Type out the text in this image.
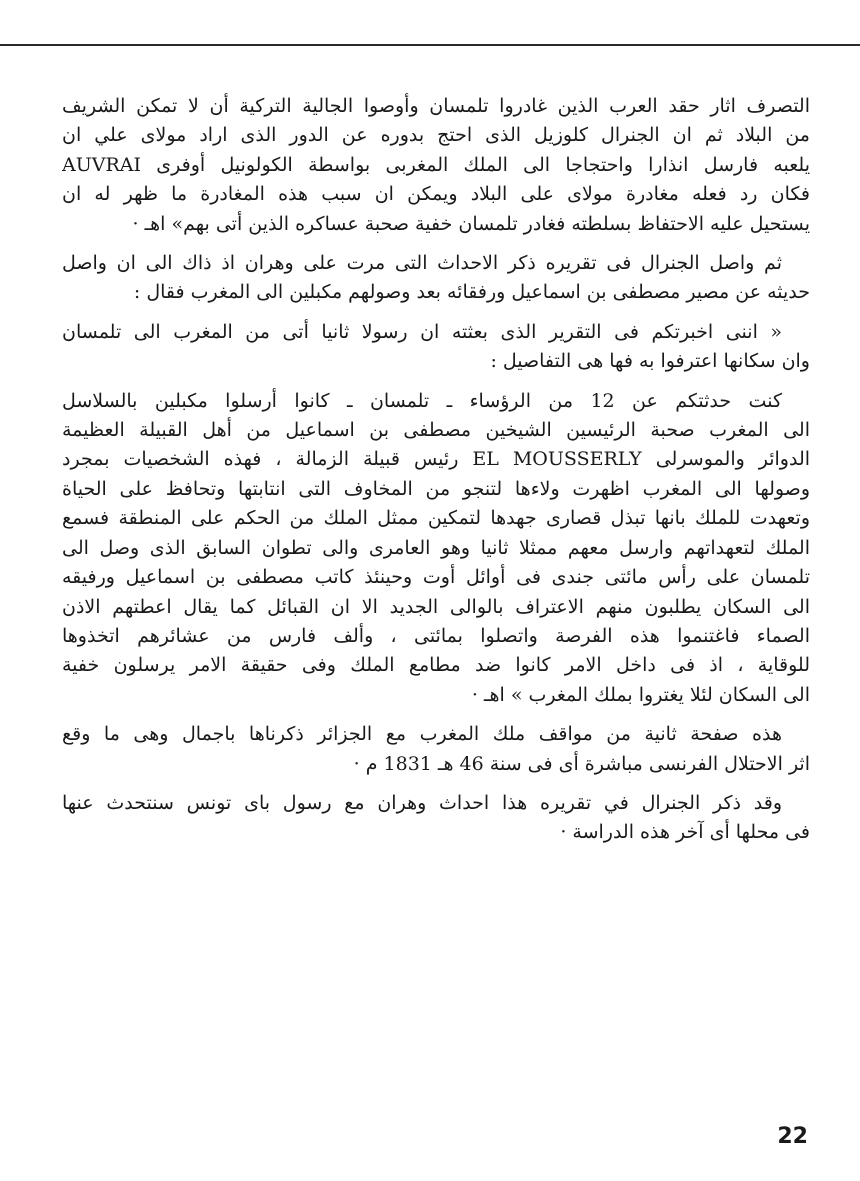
التصرف اثار حقد العرب الذين غادروا تلمسان وأوصوا الجالية التركية أن لا تمكن الشريف
من البلاد ثم ان الجنرال كلوزيل الذى احتج بدوره عن الدور الذى اراد مولاى علي ان
يلعبه فارسل انذارا واحتجاجا الى الملك المغربى بواسطة الكولونيل أوفرى AUVRAI
فكان رد فعله مغادرة مولاى على البلاد ويمكن ان سبب هذه المغادرة ما ظهر له ان
يستحيل عليه الاحتفاظ بسلطته فغادر تلمسان خفية صحبة عساكره الذين أتى بهم» اهـ ·
ثم واصل الجنرال فى تقريره ذكر الاحداث التى مرت على وهران اذ ذاك الى ان واصل
حديثه عن مصير مصطفى بن اسماعيل ورفقائه بعد وصولهم مكبلين الى المغرب فقال :
« اننى اخبرتكم فى التقرير الذى بعثته ان رسولا ثانيا أتى من المغرب الى تلمسان
وان سكانها اعترفوا به فها هى التفاصيل :
كنت حدثتكم عن 12 من الرؤساء ـ تلمسان ـ كانوا أرسلوا مكبلين بالسلاسل
الى المغرب صحبة الرئيسين الشيخين مصطفى بن اسماعيل من أهل القبيلة العظيمة
الدوائر والموسرلى EL MOUSSERLY رئيس قبيلة الزمالة ، فهذه الشخصيات بمجرد
وصولها الى المغرب اظهرت ولاءها لتنجو من المخاوف التى انتابتها وتحافظ على الحياة
وتعهدت للملك بانها تبذل قصارى جهدها لتمكين ممثل الملك من الحكم على المنطقة فسمع
الملك لتعهداتهم وارسل معهم ممثلا ثانيا وهو العامرى والى تطوان السابق الذى وصل الى
تلمسان على رأس مائتى جندى فى أوائل أوت وحينئذ كاتب مصطفى بن اسماعيل ورفيقه
الى السكان يطلبون منهم الاعتراف بالوالى الجديد الا ان القبائل كما يقال اعطتهم الاذن
الصماء فاغتنموا هذه الفرصة واتصلوا بمائتى ، وألف فارس من عشائرهم اتخذوها
للوقاية ، اذ فى داخل الامر كانوا ضد مطامع الملك وفى حقيقة الامر يرسلون خفية
الى السكان لئلا يغتروا بملك المغرب » اهـ ·
هذه صفحة ثانية من مواقف ملك المغرب مع الجزائر ذكرناها باجمال وهى ما وقع
اثر الاحتلال الفرنسى مباشرة أى فى سنة 46 هـ 1831 م ·
وقد ذكر الجنرال في تقريره هذا احداث وهران مع رسول باى تونس سنتحدث عنها
فى محلها أى آخر هذه الدراسة ·
22
